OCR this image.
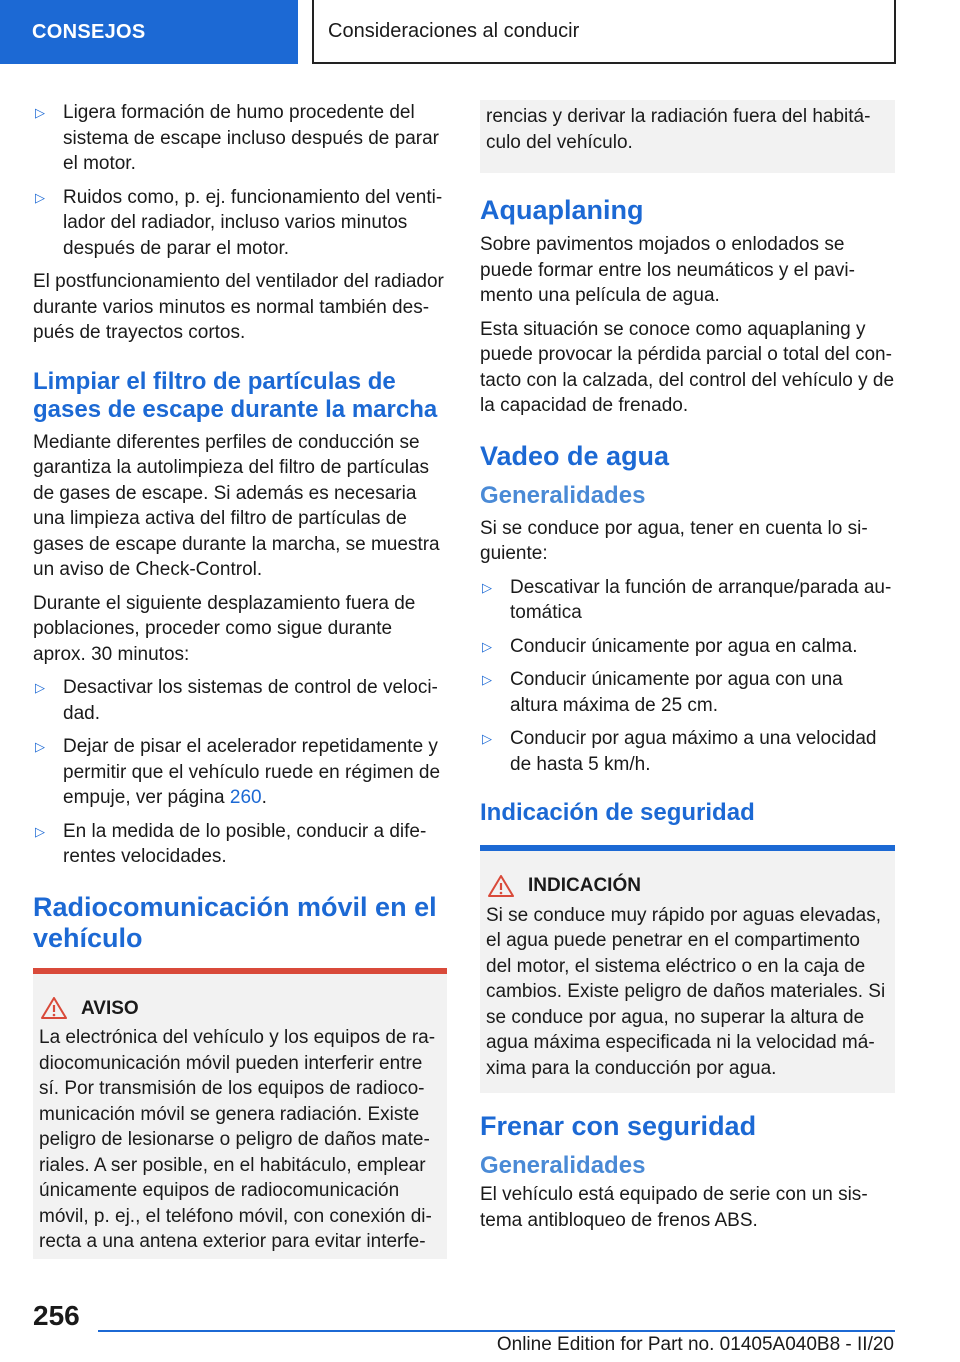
CONSEJOS	Consideraciones al conducir
▷ Ligera formación de humo procedente del sistema de escape incluso después de parar el motor.
▷ Ruidos como, p. ej. funcionamiento del ventilador del radiador, incluso varios minutos después de parar el motor.

El postfuncionamiento del ventilador del radiador durante varios minutos es normal también después de trayectos cortos.

Limpiar el filtro de partículas de gases de escape durante la marcha

Mediante diferentes perfiles de conducción se garantiza la autolimpieza del filtro de partículas de gases de escape. Si además es necesaria una limpieza activa del filtro de partículas de gases de escape durante la marcha, se muestra un aviso de Check-Control.

Durante el siguiente desplazamiento fuera de poblaciones, proceder como sigue durante aprox. 30 minutos:

▷ Desactivar los sistemas de control de velocidad.
▷ Dejar de pisar el acelerador repetidamente y permitir que el vehículo ruede en régimen de empuje, ver página 260.
▷ En la medida de lo posible, conducir a diferentes velocidades.
Radiocomunicación móvil en el vehículo
AVISO
La electrónica del vehículo y los equipos de radiocomunicación móvil pueden interferir entre sí. Por transmisión de los equipos de radiocomunicación móvil se genera radiación. Existe peligro de lesionarse o peligro de daños materiales. A ser posible, en el habitáculo, emplear únicamente equipos de radiocomunicación móvil, p. ej., el teléfono móvil, con conexión directa a una antena exterior para evitar interfe-
rencias y derivar la radiación fuera del habitáculo del vehículo.
Aquaplaning

Sobre pavimentos mojados o enlodados se puede formar entre los neumáticos y el pavimento una película de agua.

Esta situación se conoce como aquaplaning y puede provocar la pérdida parcial o total del contacto con la calzada, del control del vehículo y de la capacidad de frenado.

Vadeo de agua
Generalidades

Si se conduce por agua, tener en cuenta lo siguiente:

▷ Descativar la función de arranque/parada automática
▷ Conducir únicamente por agua en calma.
▷ Conducir únicamente por agua con una altura máxima de 25 cm.
▷ Conducir por agua máximo a una velocidad de hasta 5 km/h.
Indicación de seguridad
INDICACIÓN
Si se conduce muy rápido por aguas elevadas, el agua puede penetrar en el compartimento del motor, el sistema eléctrico o en la caja de cambios. Existe peligro de daños materiales. Si se conduce por agua, no superar la altura de agua máxima especificada ni la velocidad máxima para la conducción por agua.
Frenar con seguridad
Generalidades

El vehículo está equipado de serie con un sistema antibloqueo de frenos ABS.

256
Online Edition for Part no. 01405A040B8 - II/20
